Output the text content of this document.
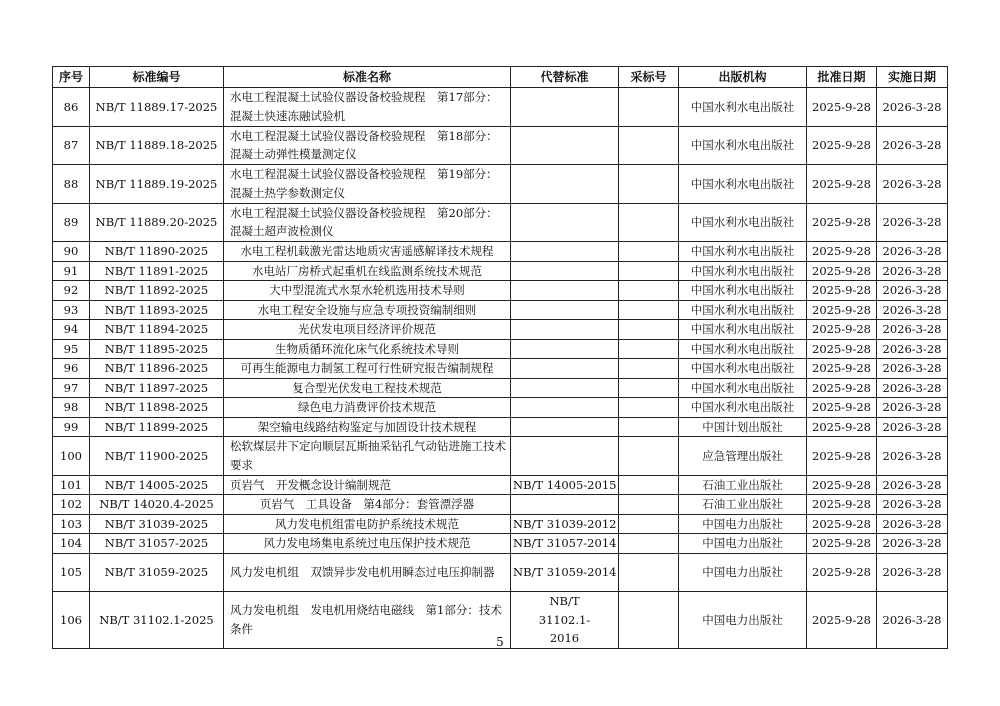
序号	标准编号	标准名称	代替标准	采标号	出版机构	批准日期	实施日期
86	NB/T 11889.17-2025	水电工程混凝土试验仪器设备校验规程　第17部分：混凝土快速冻融试验机			中国水利水电出版社	2025-9-28	2026-3-28
87	NB/T 11889.18-2025	水电工程混凝土试验仪器设备校验规程　第18部分：混凝土动弹性模量测定仪			中国水利水电出版社	2025-9-28	2026-3-28
88	NB/T 11889.19-2025	水电工程混凝土试验仪器设备校验规程　第19部分：混凝土热学参数测定仪			中国水利水电出版社	2025-9-28	2026-3-28
89	NB/T 11889.20-2025	水电工程混凝土试验仪器设备校验规程　第20部分：混凝土超声波检测仪			中国水利水电出版社	2025-9-28	2026-3-28
90	NB/T 11890-2025	水电工程机载激光雷达地质灾害遥感解译技术规程			中国水利水电出版社	2025-9-28	2026-3-28
91	NB/T 11891-2025	水电站厂房桥式起重机在线监测系统技术规范			中国水利水电出版社	2025-9-28	2026-3-28
92	NB/T 11892-2025	大中型混流式水泵水轮机选用技术导则			中国水利水电出版社	2025-9-28	2026-3-28
93	NB/T 11893-2025	水电工程安全设施与应急专项投资编制细则			中国水利水电出版社	2025-9-28	2026-3-28
94	NB/T 11894-2025	光伏发电项目经济评价规范			中国水利水电出版社	2025-9-28	2026-3-28
95	NB/T 11895-2025	生物质循环流化床气化系统技术导则			中国水利水电出版社	2025-9-28	2026-3-28
96	NB/T 11896-2025	可再生能源电力制氢工程可行性研究报告编制规程			中国水利水电出版社	2025-9-28	2026-3-28
97	NB/T 11897-2025	复合型光伏发电工程技术规范			中国水利水电出版社	2025-9-28	2026-3-28
98	NB/T 11898-2025	绿色电力消费评价技术规范			中国水利水电出版社	2025-9-28	2026-3-28
99	NB/T 11899-2025	架空输电线路结构鉴定与加固设计技术规程			中国计划出版社	2025-9-28	2026-3-28
100	NB/T 11900-2025	松软煤层井下定向顺层瓦斯抽采钻孔气动钻进施工技术要求			应急管理出版社	2025-9-28	2026-3-28
101	NB/T 14005-2025	页岩气　开发概念设计编制规范	NB/T 14005-2015		石油工业出版社	2025-9-28	2026-3-28
102	NB/T 14020.4-2025	页岩气　工具设备　第4部分：套管漂浮器			石油工业出版社	2025-9-28	2026-3-28
103	NB/T 31039-2025	风力发电机组雷电防护系统技术规范	NB/T 31039-2012		中国电力出版社	2025-9-28	2026-3-28
104	NB/T 31057-2025	风力发电场集电系统过电压保护技术规范	NB/T 31057-2014		中国电力出版社	2025-9-28	2026-3-28
105	NB/T 31059-2025	风力发电机组　双馈异步发电机用瞬态过电压抑制器	NB/T 31059-2014		中国电力出版社	2025-9-28	2026-3-28
106	NB/T 31102.1-2025	风力发电机组　发电机用烧结电磁线　第1部分：技术条件	NB/T 31102.1-2016		中国电力出版社	2025-9-28	2026-3-28
5
